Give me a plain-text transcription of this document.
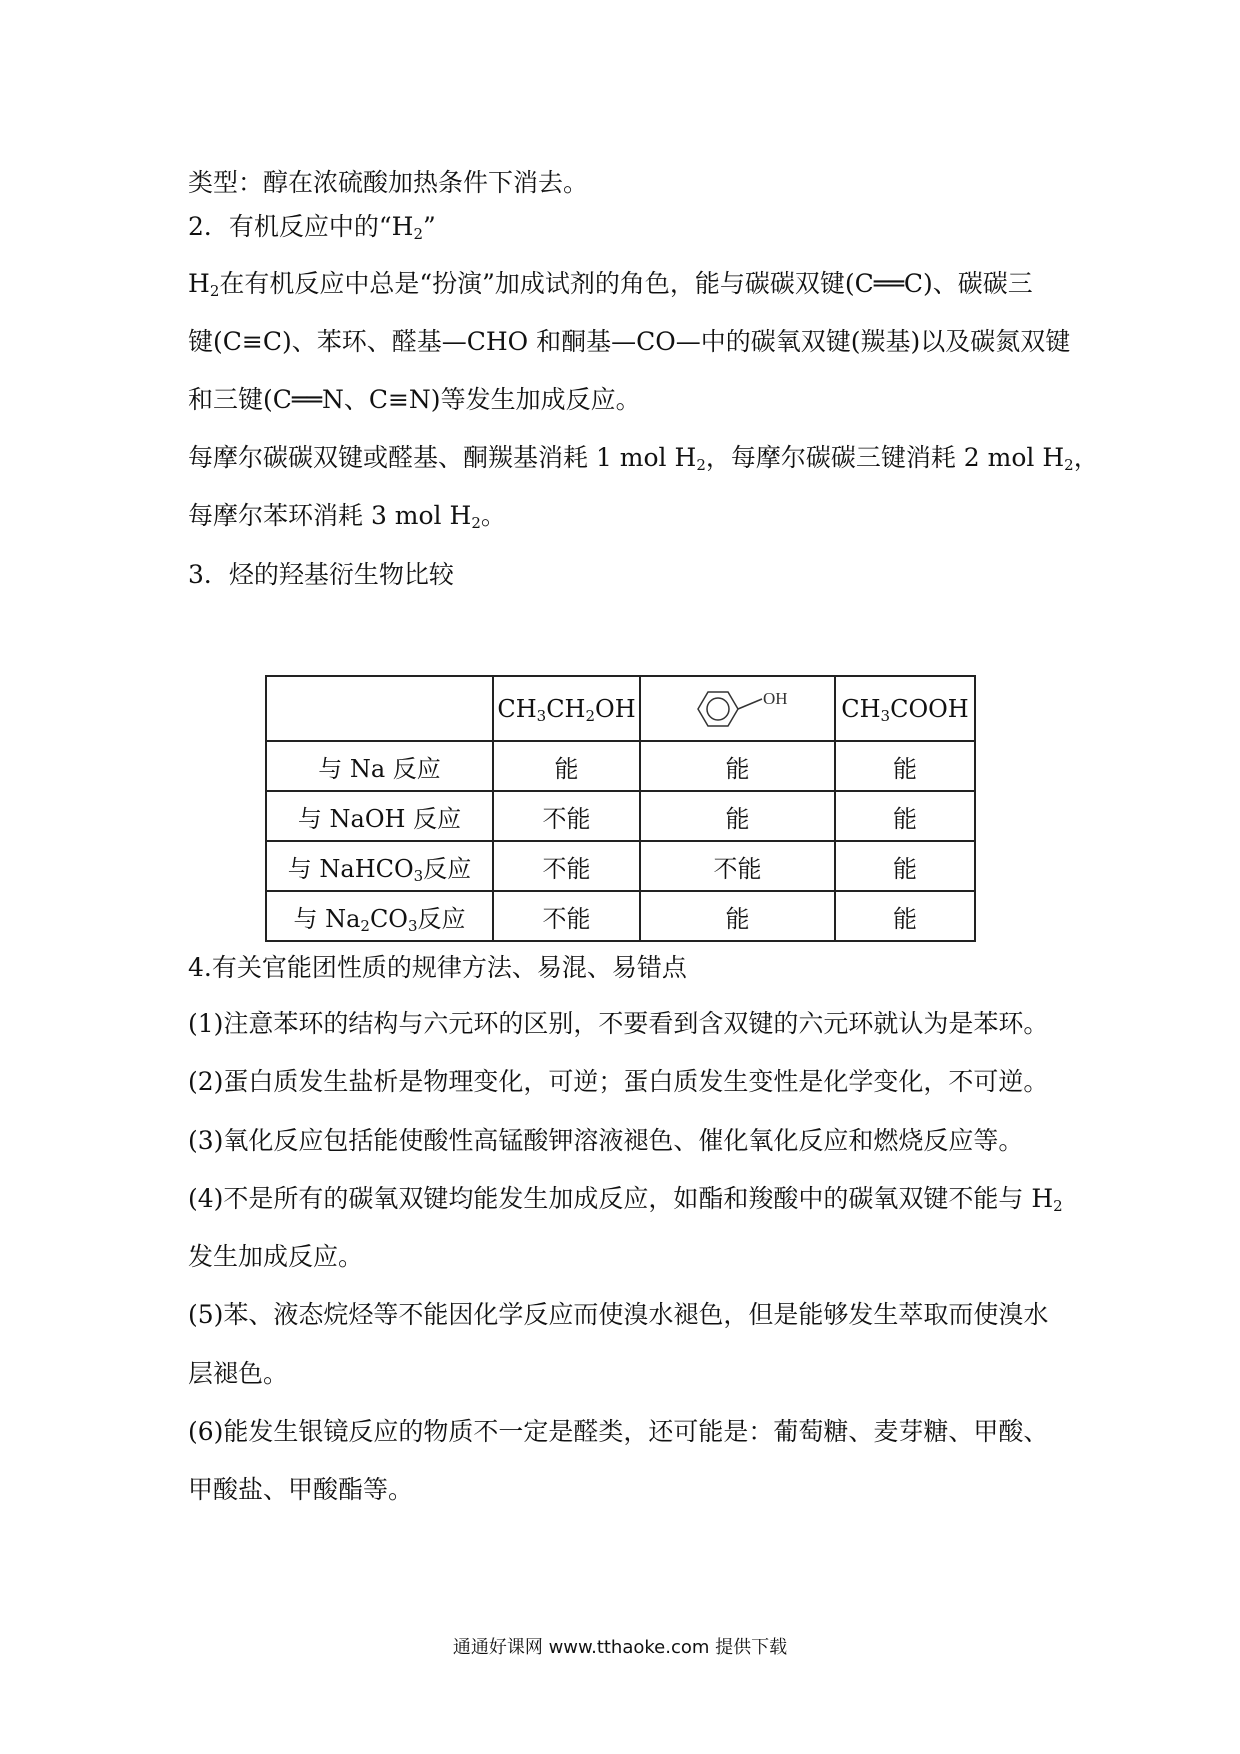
类型：醇在浓硫酸加热条件下消去。
2．有机反应中的“$H_2$”
$H_2$在有机反应中总是“扮演”加成试剂的角色，能与碳碳双键(C══C)、碳碳三
键(C≡C)、苯环、醛基—CHO 和酮基—CO—中的碳氧双键(羰基)以及碳氮双键
和三键(C══N、C≡N)等发生加成反应。
每摩尔碳碳双键或醛基、酮羰基消耗 1 mol $H_2$，每摩尔碳碳三键消耗 2 mol $H_2$，
每摩尔苯环消耗 3 mol $H_2$。
3．烃的羟基衍生物比较
	$CH_3CH_2OH$	OH	$CH_3COOH$
与 Na 反应	能	能	能
与 NaOH 反应	不能	能	能
与 NaHCO$_3$反应	不能	不能	能
与 $Na_2CO_3$反应	不能	能	能
4.有关官能团性质的规律方法、易混、易错点
(1)注意苯环的结构与六元环的区别，不要看到含双键的六元环就认为是苯环。
(2)蛋白质发生盐析是物理变化，可逆；蛋白质发生变性是化学变化，不可逆。
(3)氧化反应包括能使酸性高锰酸钾溶液褪色、催化氧化反应和燃烧反应等。
(4)不是所有的碳氧双键均能发生加成反应，如酯和羧酸中的碳氧双键不能与 $H_2$
发生加成反应。
(5)苯、液态烷烃等不能因化学反应而使溴水褪色，但是能够发生萃取而使溴水
层褪色。
(6)能发生银镜反应的物质不一定是醛类，还可能是：葡萄糖、麦芽糖、甲酸、
甲酸盐、甲酸酯等。
通通好课网 www.tthaoke.com 提供下载
